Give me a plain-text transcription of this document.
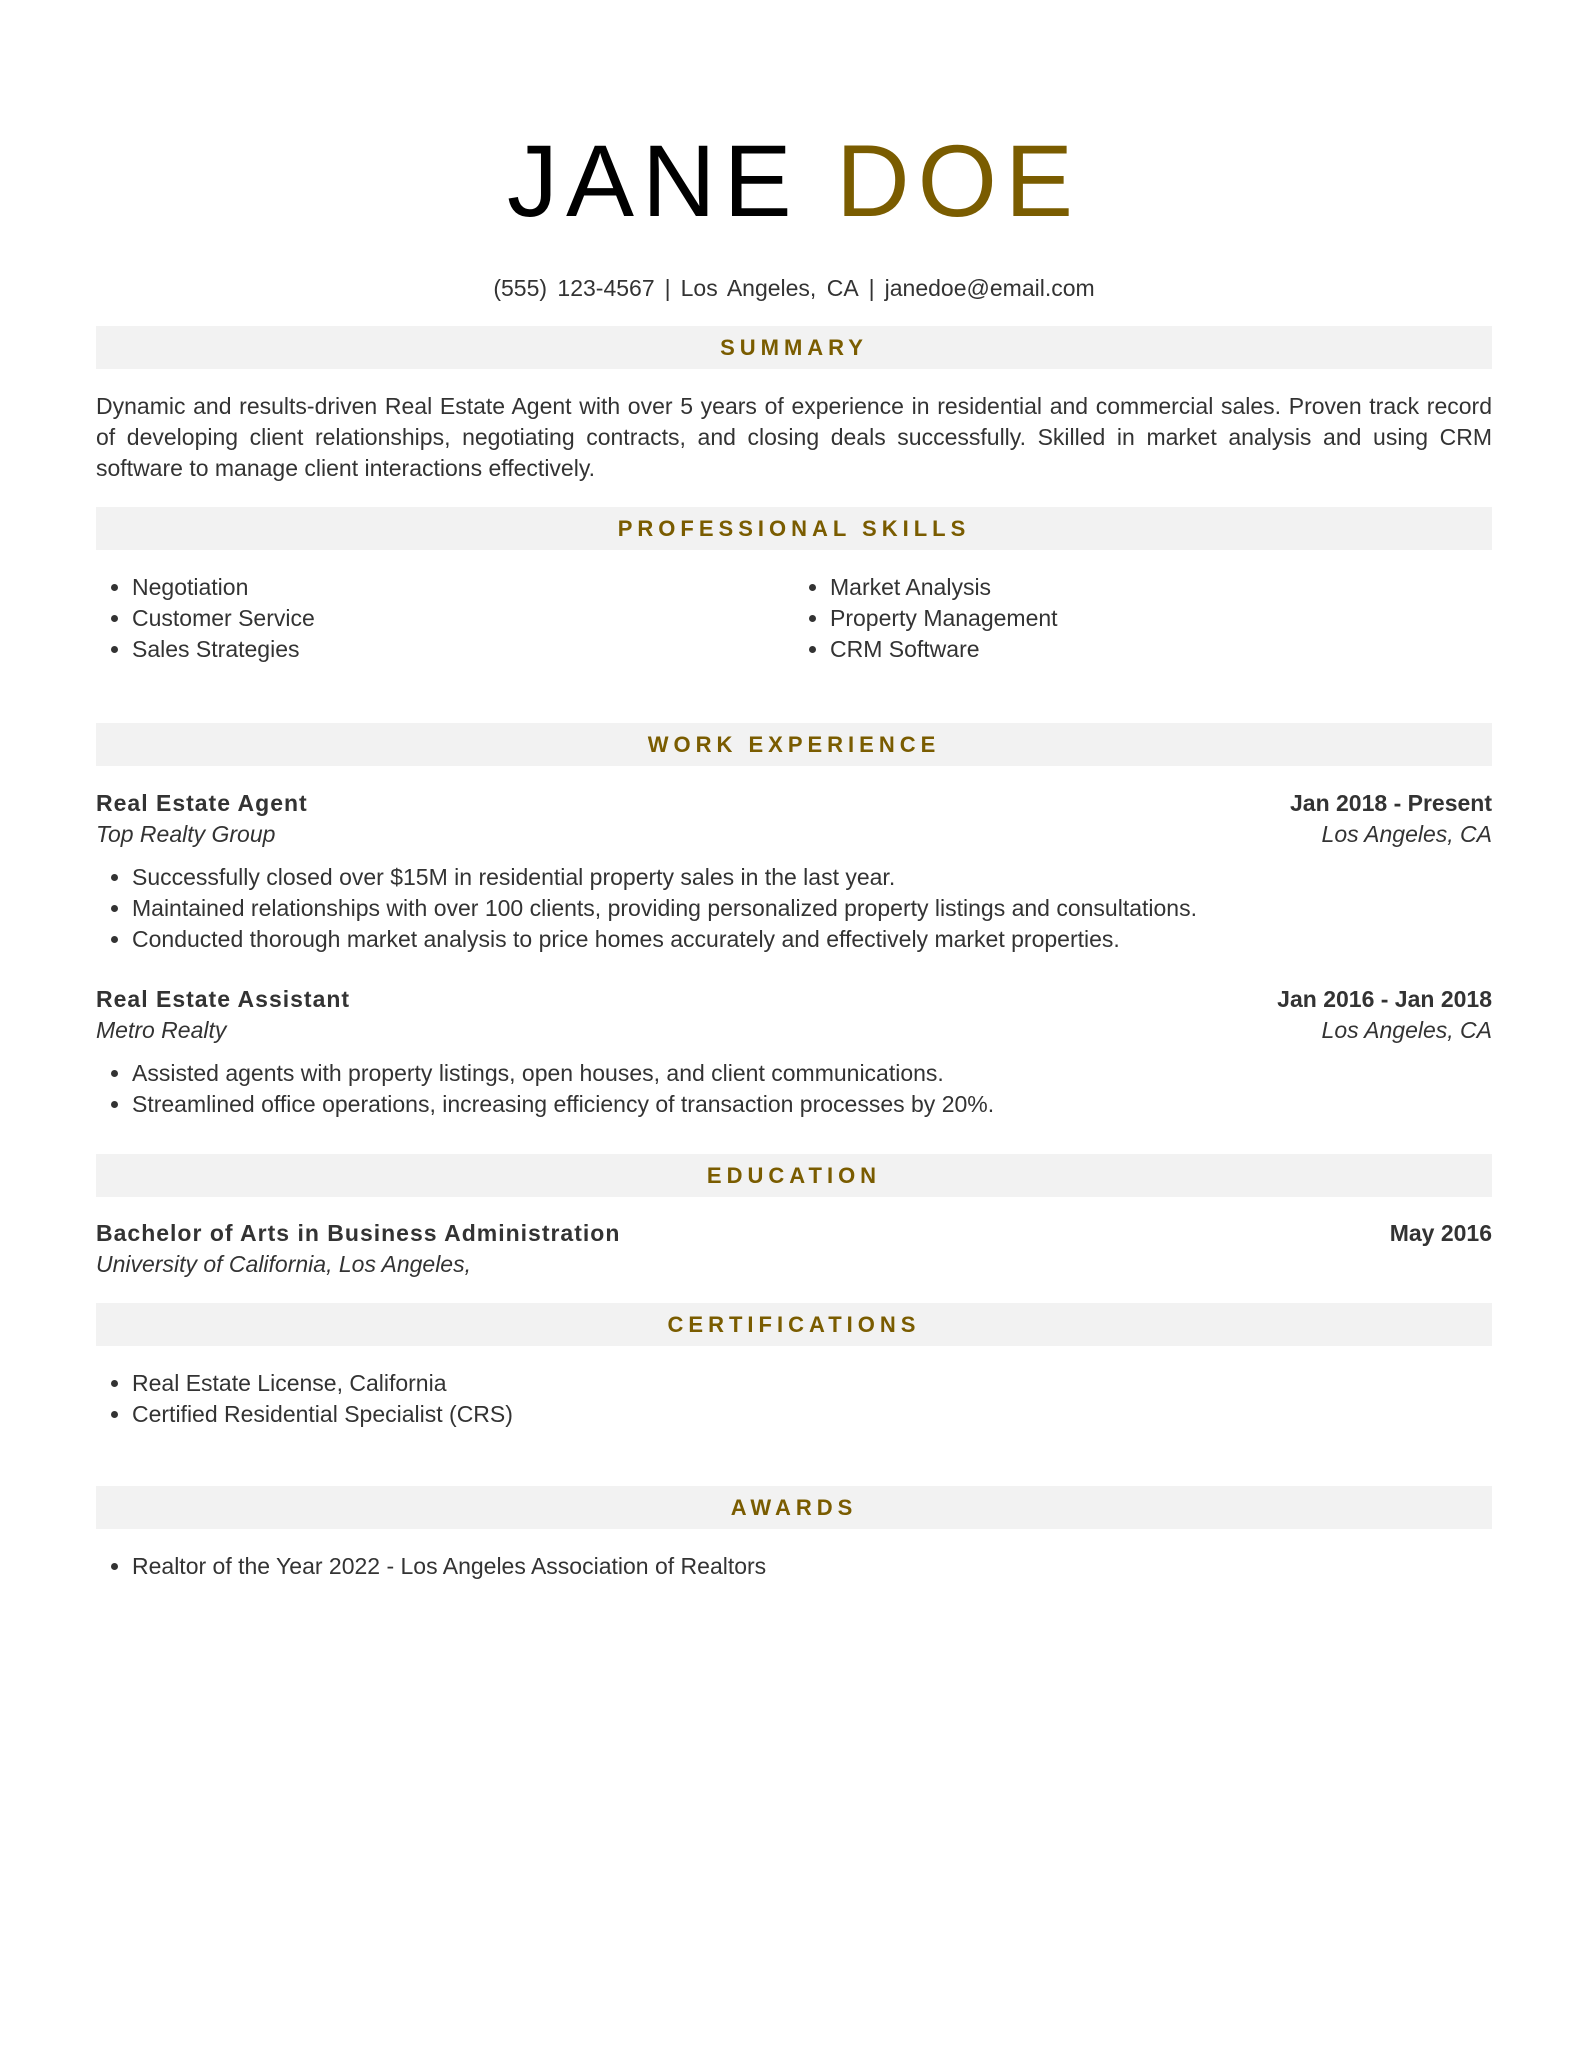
JANE DOE
(555) 123-4567 | Los Angeles, CA | janedoe@email.com
SUMMARY

Dynamic and results-driven Real Estate Agent with over 5 years of experience in residential and commercial sales. Proven track record of developing client relationships, negotiating contracts, and closing deals successfully. Skilled in market analysis and using CRM software to manage client interactions effectively.

PROFESSIONAL SKILLS
• Negotiation
• Customer Service
• Sales Strategies
• Market Analysis
• Property Management
• CRM Software
WORK EXPERIENCE
Real Estate Agent	Jan 2018 - Present
Top Realty Group	Los Angeles, CA
• Successfully closed over $15M in residential property sales in the last year.
• Maintained relationships with over 100 clients, providing personalized property listings and consultations.
• Conducted thorough market analysis to price homes accurately and effectively market properties.
Real Estate Assistant	Jan 2016 - Jan 2018
Metro Realty	Los Angeles, CA
• Assisted agents with property listings, open houses, and client communications.
• Streamlined office operations, increasing efficiency of transaction processes by 20%.
EDUCATION
Bachelor of Arts in Business Administration	May 2016
University of California, Los Angeles,
CERTIFICATIONS
• Real Estate License, California
• Certified Residential Specialist (CRS)
AWARDS
• Realtor of the Year 2022 - Los Angeles Association of Realtors
